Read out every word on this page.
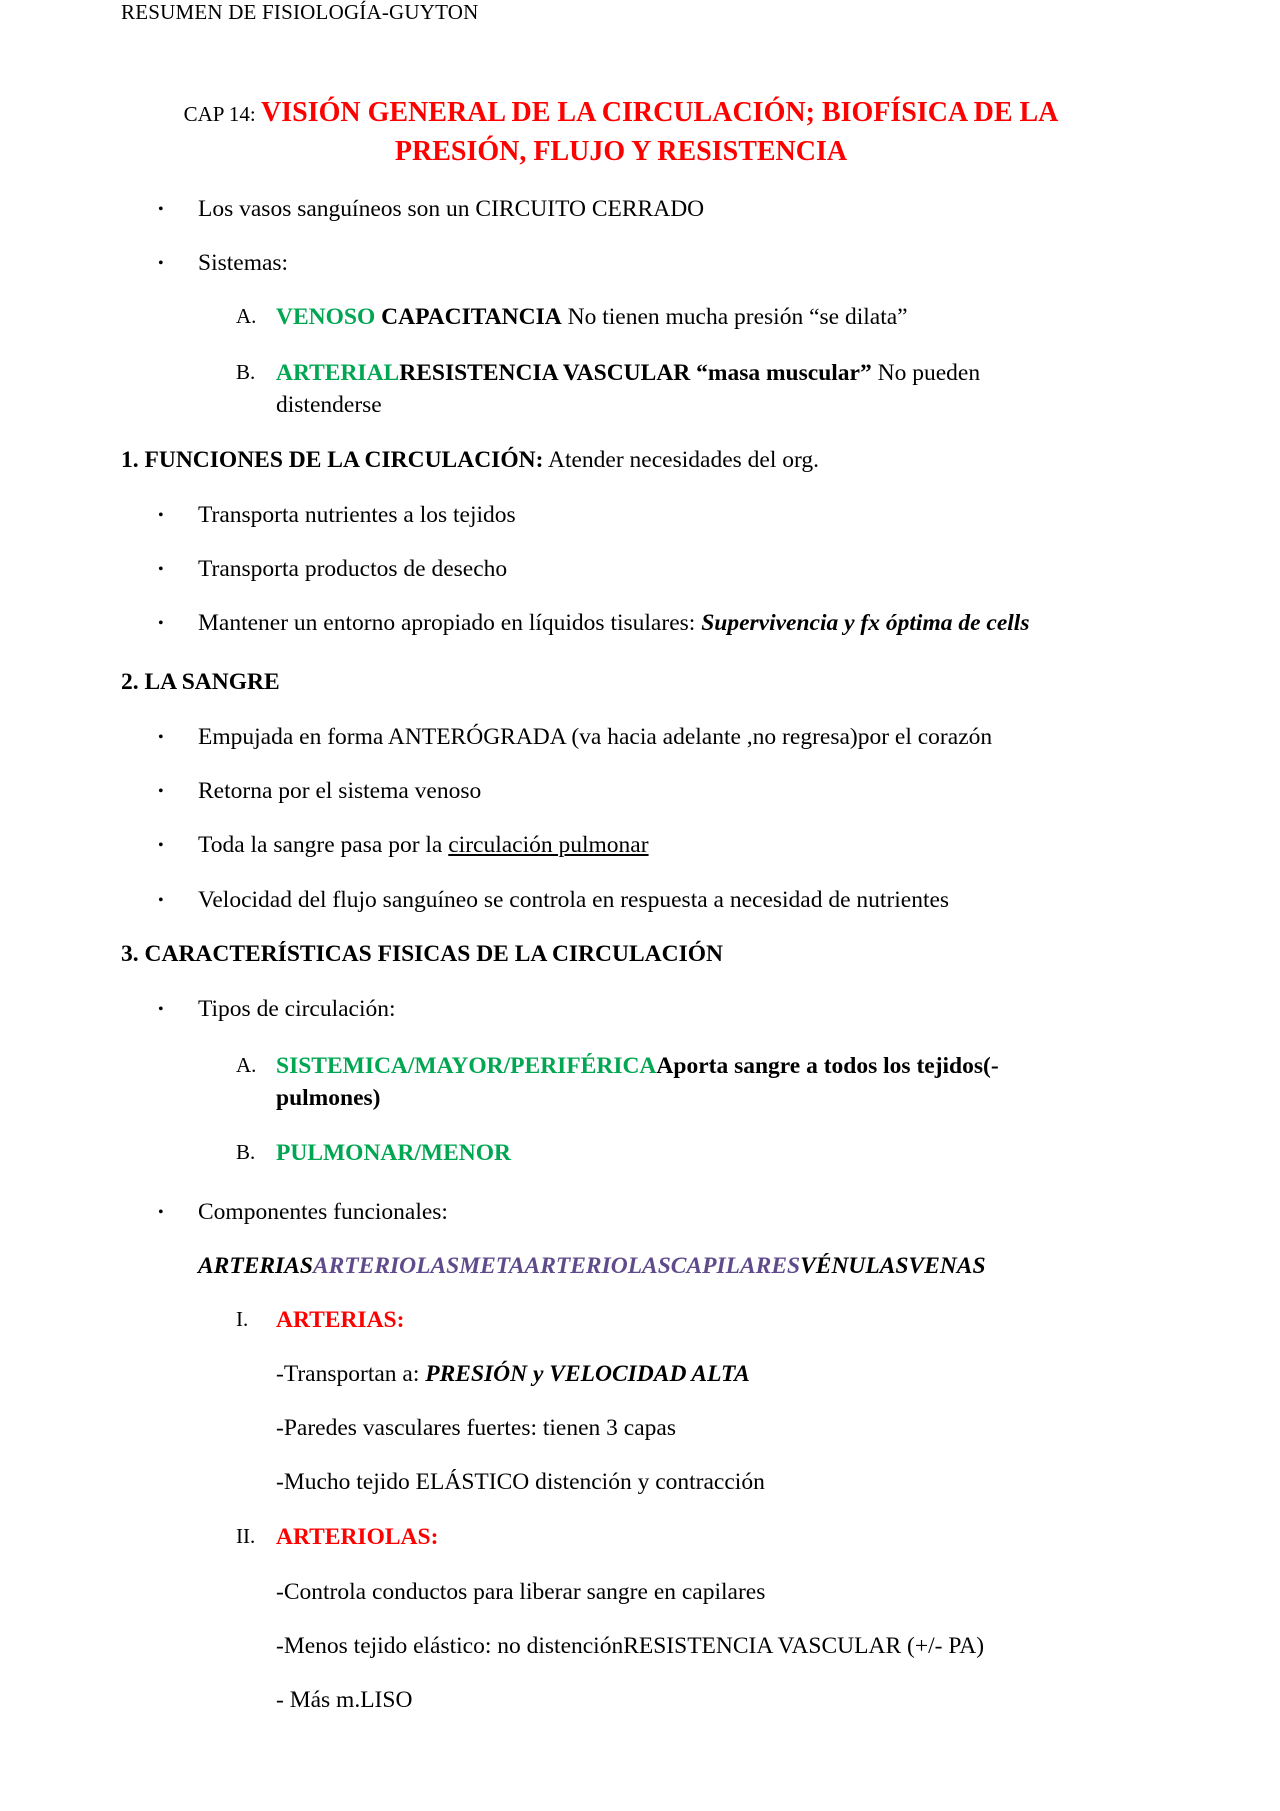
RESUMEN DE FISIOLOGÍA-GUYTON
CAP 14: VISIÓN GENERAL DE LA CIRCULACIÓN; BIOFÍSICA DE LA
PRESIÓN, FLUJO Y RESISTENCIA
• Los vasos sanguíneos son un CIRCUITO CERRADO
• Sistemas:
A. VENOSO CAPACITANCIA No tienen mucha presión “se dilata”
B. ARTERIALRESISTENCIA VASCULAR “masa muscular” No pueden
distenderse
1. FUNCIONES DE LA CIRCULACIÓN: Atender necesidades del org.
• Transporta nutrientes a los tejidos
• Transporta productos de desecho
• Mantener un entorno apropiado en líquidos tisulares: Supervivencia y fx óptima de cells
2. LA SANGRE
• Empujada en forma ANTERÓGRADA (va hacia adelante ,no regresa)por el corazón
• Retorna por el sistema venoso
• Toda la sangre pasa por la circulación pulmonar
• Velocidad del flujo sanguíneo se controla en respuesta a necesidad de nutrientes
3. CARACTERÍSTICAS FISICAS DE LA CIRCULACIÓN
• Tipos de circulación:
A. SISTEMICA/MAYOR/PERIFÉRICAAporta sangre a todos los tejidos(-
pulmones)
B. PULMONAR/MENOR
• Componentes funcionales:
ARTERIASARTERIOLASMETAARTERIOLASCAPILARESVÉNULASVENAS
I. ARTERIAS:
-Transportan a: PRESIÓN y VELOCIDAD ALTA
-Paredes vasculares fuertes: tienen 3 capas
-Mucho tejido ELÁSTICO distención y contracción
II. ARTERIOLAS:
-Controla conductos para liberar sangre en capilares
-Menos tejido elástico: no distenciónRESISTENCIA VASCULAR (+/- PA)
- Más m.LISO
